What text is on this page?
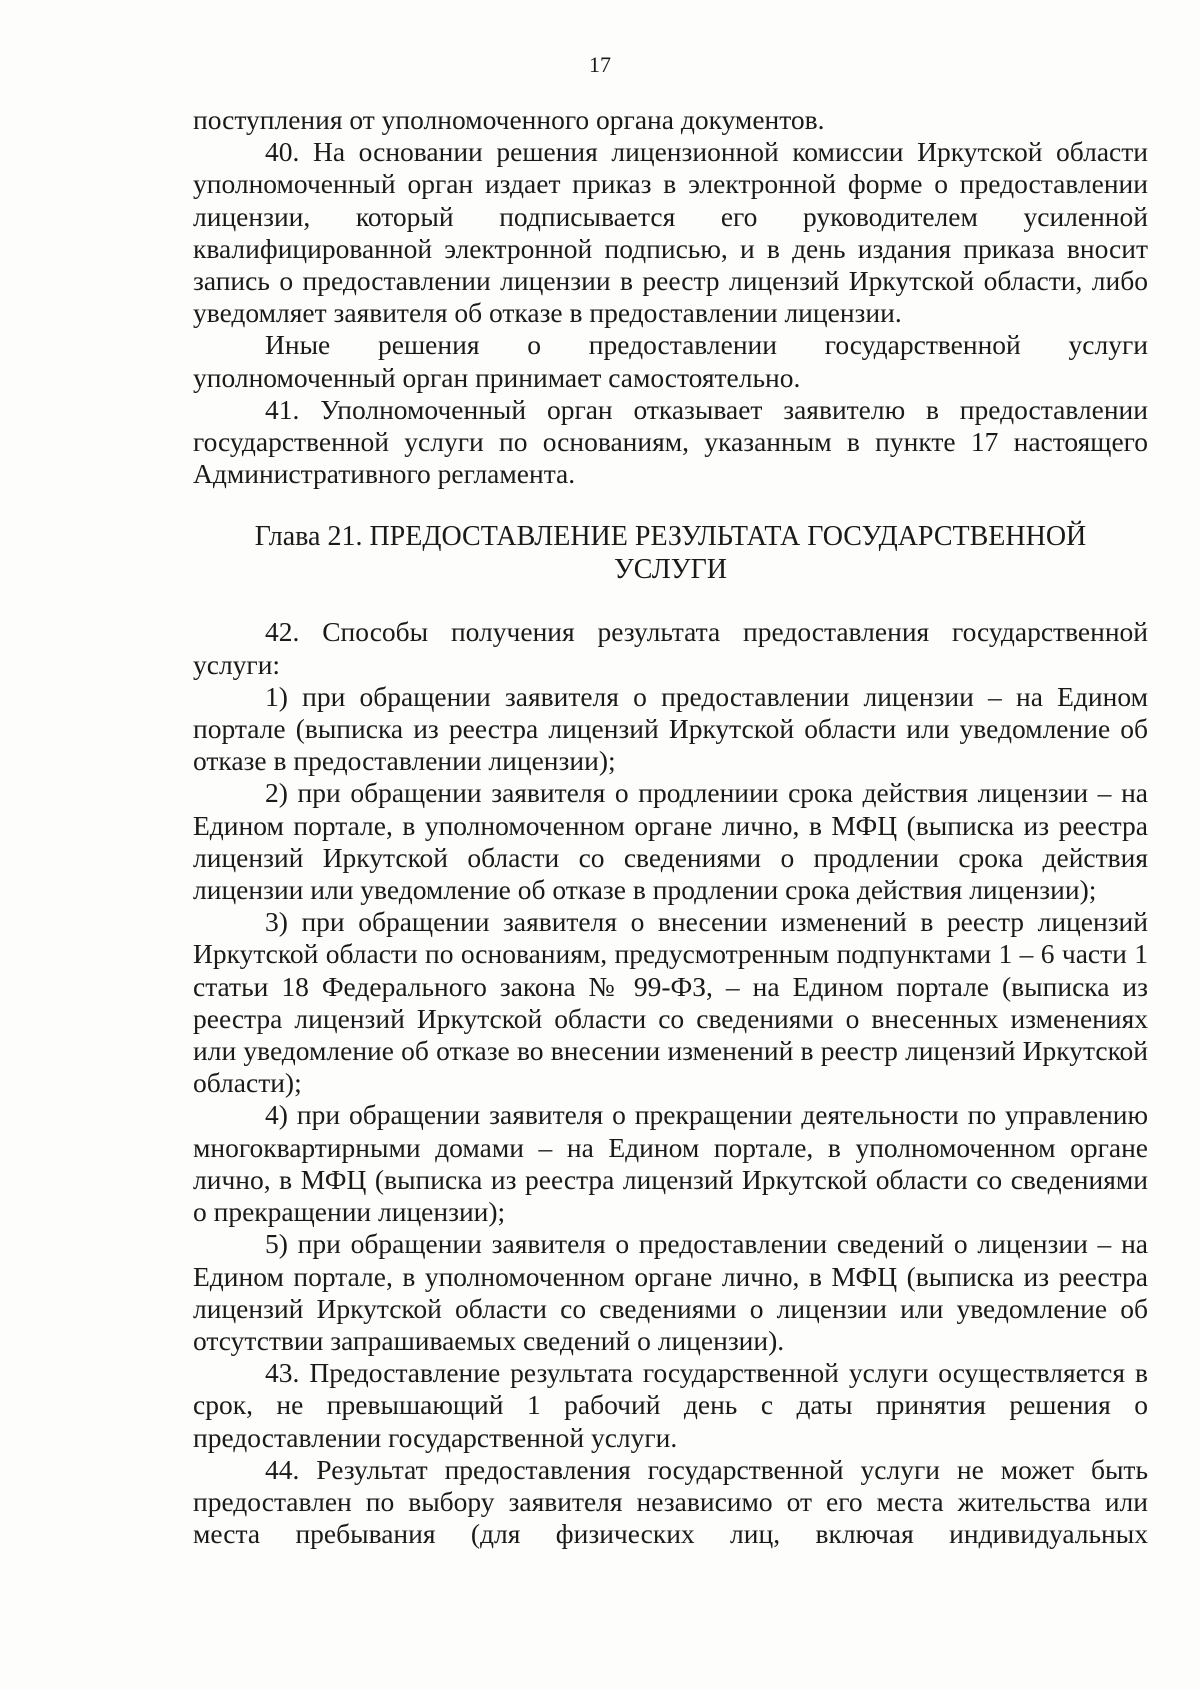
17

поступления от уполномоченного органа документов.

40. На основании решения лицензионной комиссии Иркутской области уполномоченный орган издает приказ в электронной форме о предоставлении лицензии, который подписывается его руководителем усиленной квалифицированной электронной подписью, и в день издания приказа вносит запись о предоставлении лицензии в реестр лицензий Иркутской области, либо уведомляет заявителя об отказе в предоставлении лицензии.

Иные решения о предоставлении государственной услуги уполномоченный орган принимает самостоятельно.

41. Уполномоченный орган отказывает заявителю в предоставлении государственной услуги по основаниям, указанным в пункте 17 настоящего Административного регламента.

Глава 21. ПРЕДОСТАВЛЕНИЕ РЕЗУЛЬТАТА ГОСУДАРСТВЕННОЙ
УСЛУГИ

42. Способы получения результата предоставления государственной услуги:

1) при обращении заявителя о предоставлении лицензии – на Едином портале (выписка из реестра лицензий Иркутской области или уведомление об отказе в предоставлении лицензии);

2) при обращении заявителя о продлениии срока действия лицензии – на Едином портале, в уполномоченном органе лично, в МФЦ (выписка из реестра лицензий Иркутской области со сведениями о продлении срока действия лицензии или уведомление об отказе в продлении срока действия лицензии);

3) при обращении заявителя о внесении изменений в реестр лицензий Иркутской области по основаниям, предусмотренным подпунктами 1 – 6 части 1 статьи 18 Федерального закона № 99-ФЗ, – на Едином портале (выписка из реестра лицензий Иркутской области со сведениями о внесенных изменениях или уведомление об отказе во внесении изменений в реестр лицензий Иркутской области);

4) при обращении заявителя о прекращении деятельности по управлению многоквартирными домами – на Едином портале, в уполномоченном органе лично, в МФЦ (выписка из реестра лицензий Иркутской области со сведениями о прекращении лицензии);

5) при обращении заявителя о предоставлении сведений о лицензии – на Едином портале, в уполномоченном органе лично, в МФЦ (выписка из реестра лицензий Иркутской области со сведениями о лицензии или уведомление об отсутствии запрашиваемых сведений о лицензии).

43. Предоставление результата государственной услуги осуществляется в срок, не превышающий 1 рабочий день с даты принятия решения о предоставлении государственной услуги.

44. Результат предоставления государственной услуги не может быть предоставлен по выбору заявителя независимо от его места жительства или места пребывания (для физических лиц, включая индивидуальных
